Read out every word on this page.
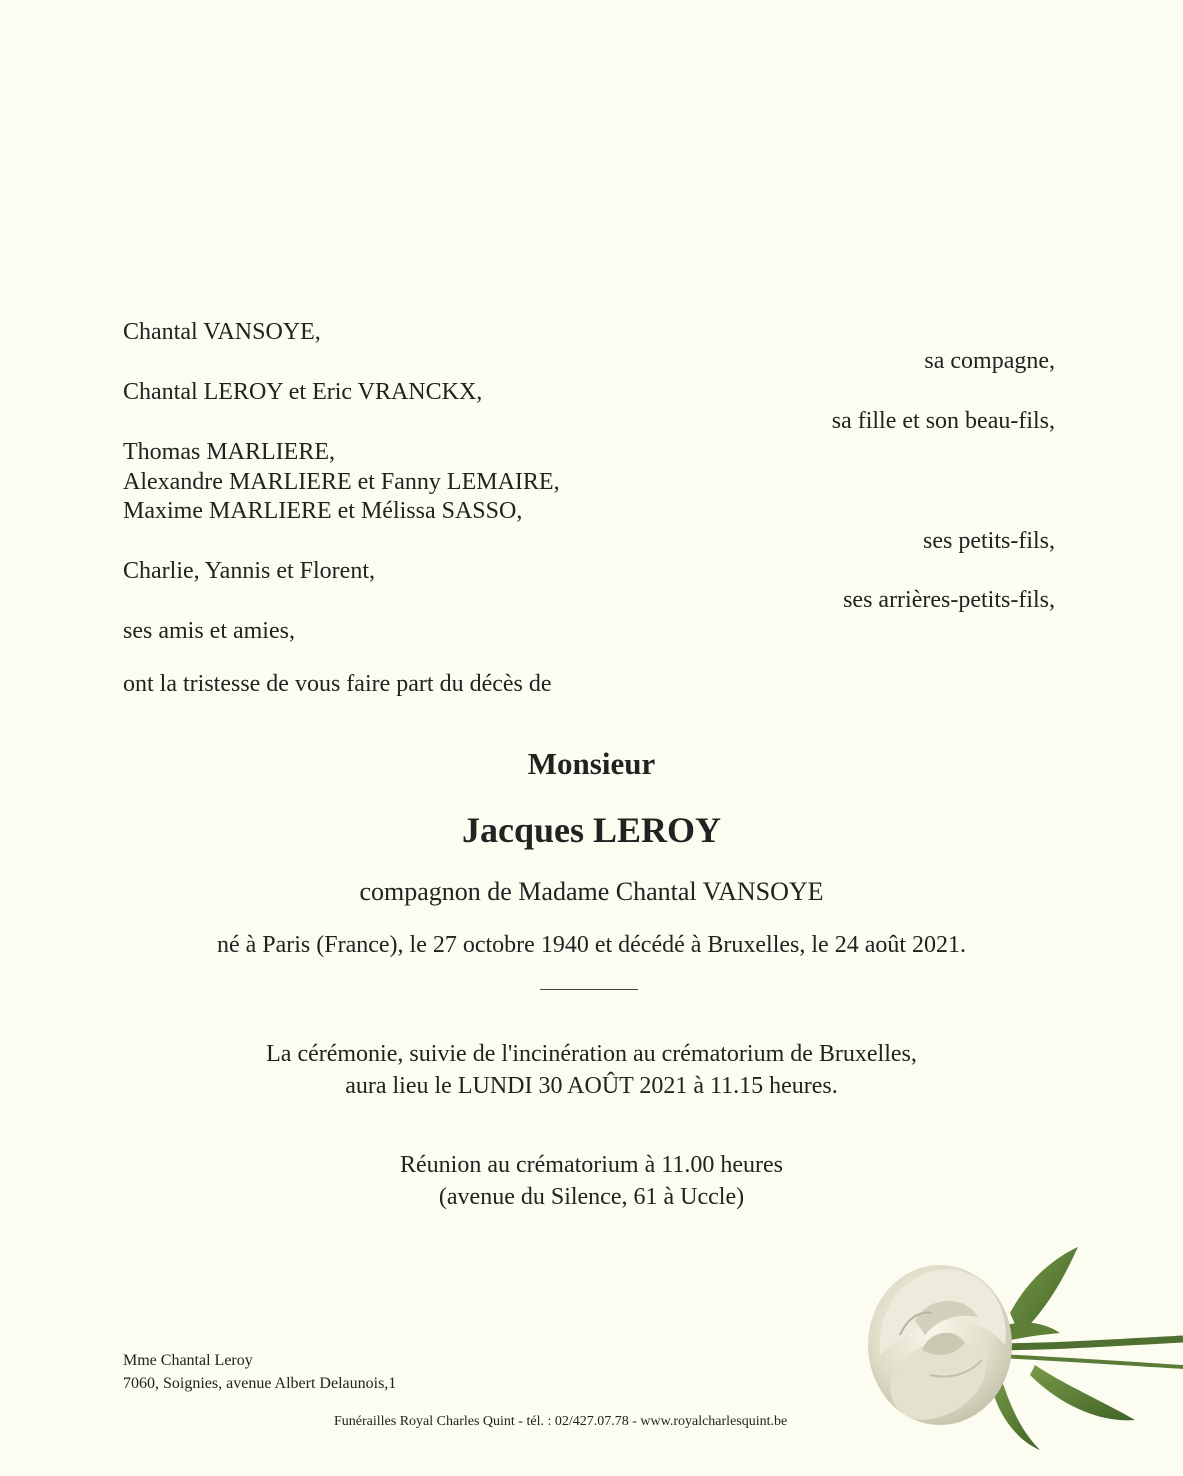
Chantal VANSOYE,
sa compagne,
Chantal LEROY et Eric VRANCKX,
sa fille et son beau-fils,
Thomas MARLIERE,
Alexandre MARLIERE et Fanny LEMAIRE,
Maxime MARLIERE et Mélissa SASSO,
ses petits-fils,
Charlie, Yannis et Florent,
ses arrières-petits-fils,
ses amis et amies,
ont la tristesse de vous faire part du décès de
Monsieur
Jacques LEROY
compagnon de Madame Chantal VANSOYE
né à Paris (France), le 27 octobre 1940 et décédé à Bruxelles, le 24 août 2021.
La cérémonie, suivie de l'incinération au crématorium de Bruxelles,
aura lieu le LUNDI 30 AOÛT 2021 à 11.15 heures.
Réunion au crématorium à 11.00 heures
(avenue du Silence, 61 à Uccle)
Mme Chantal Leroy
7060, Soignies, avenue Albert Delaunois,1
Funérailles Royal Charles Quint - tél. : 02/427.07.78 - www.royalcharlesquint.be
